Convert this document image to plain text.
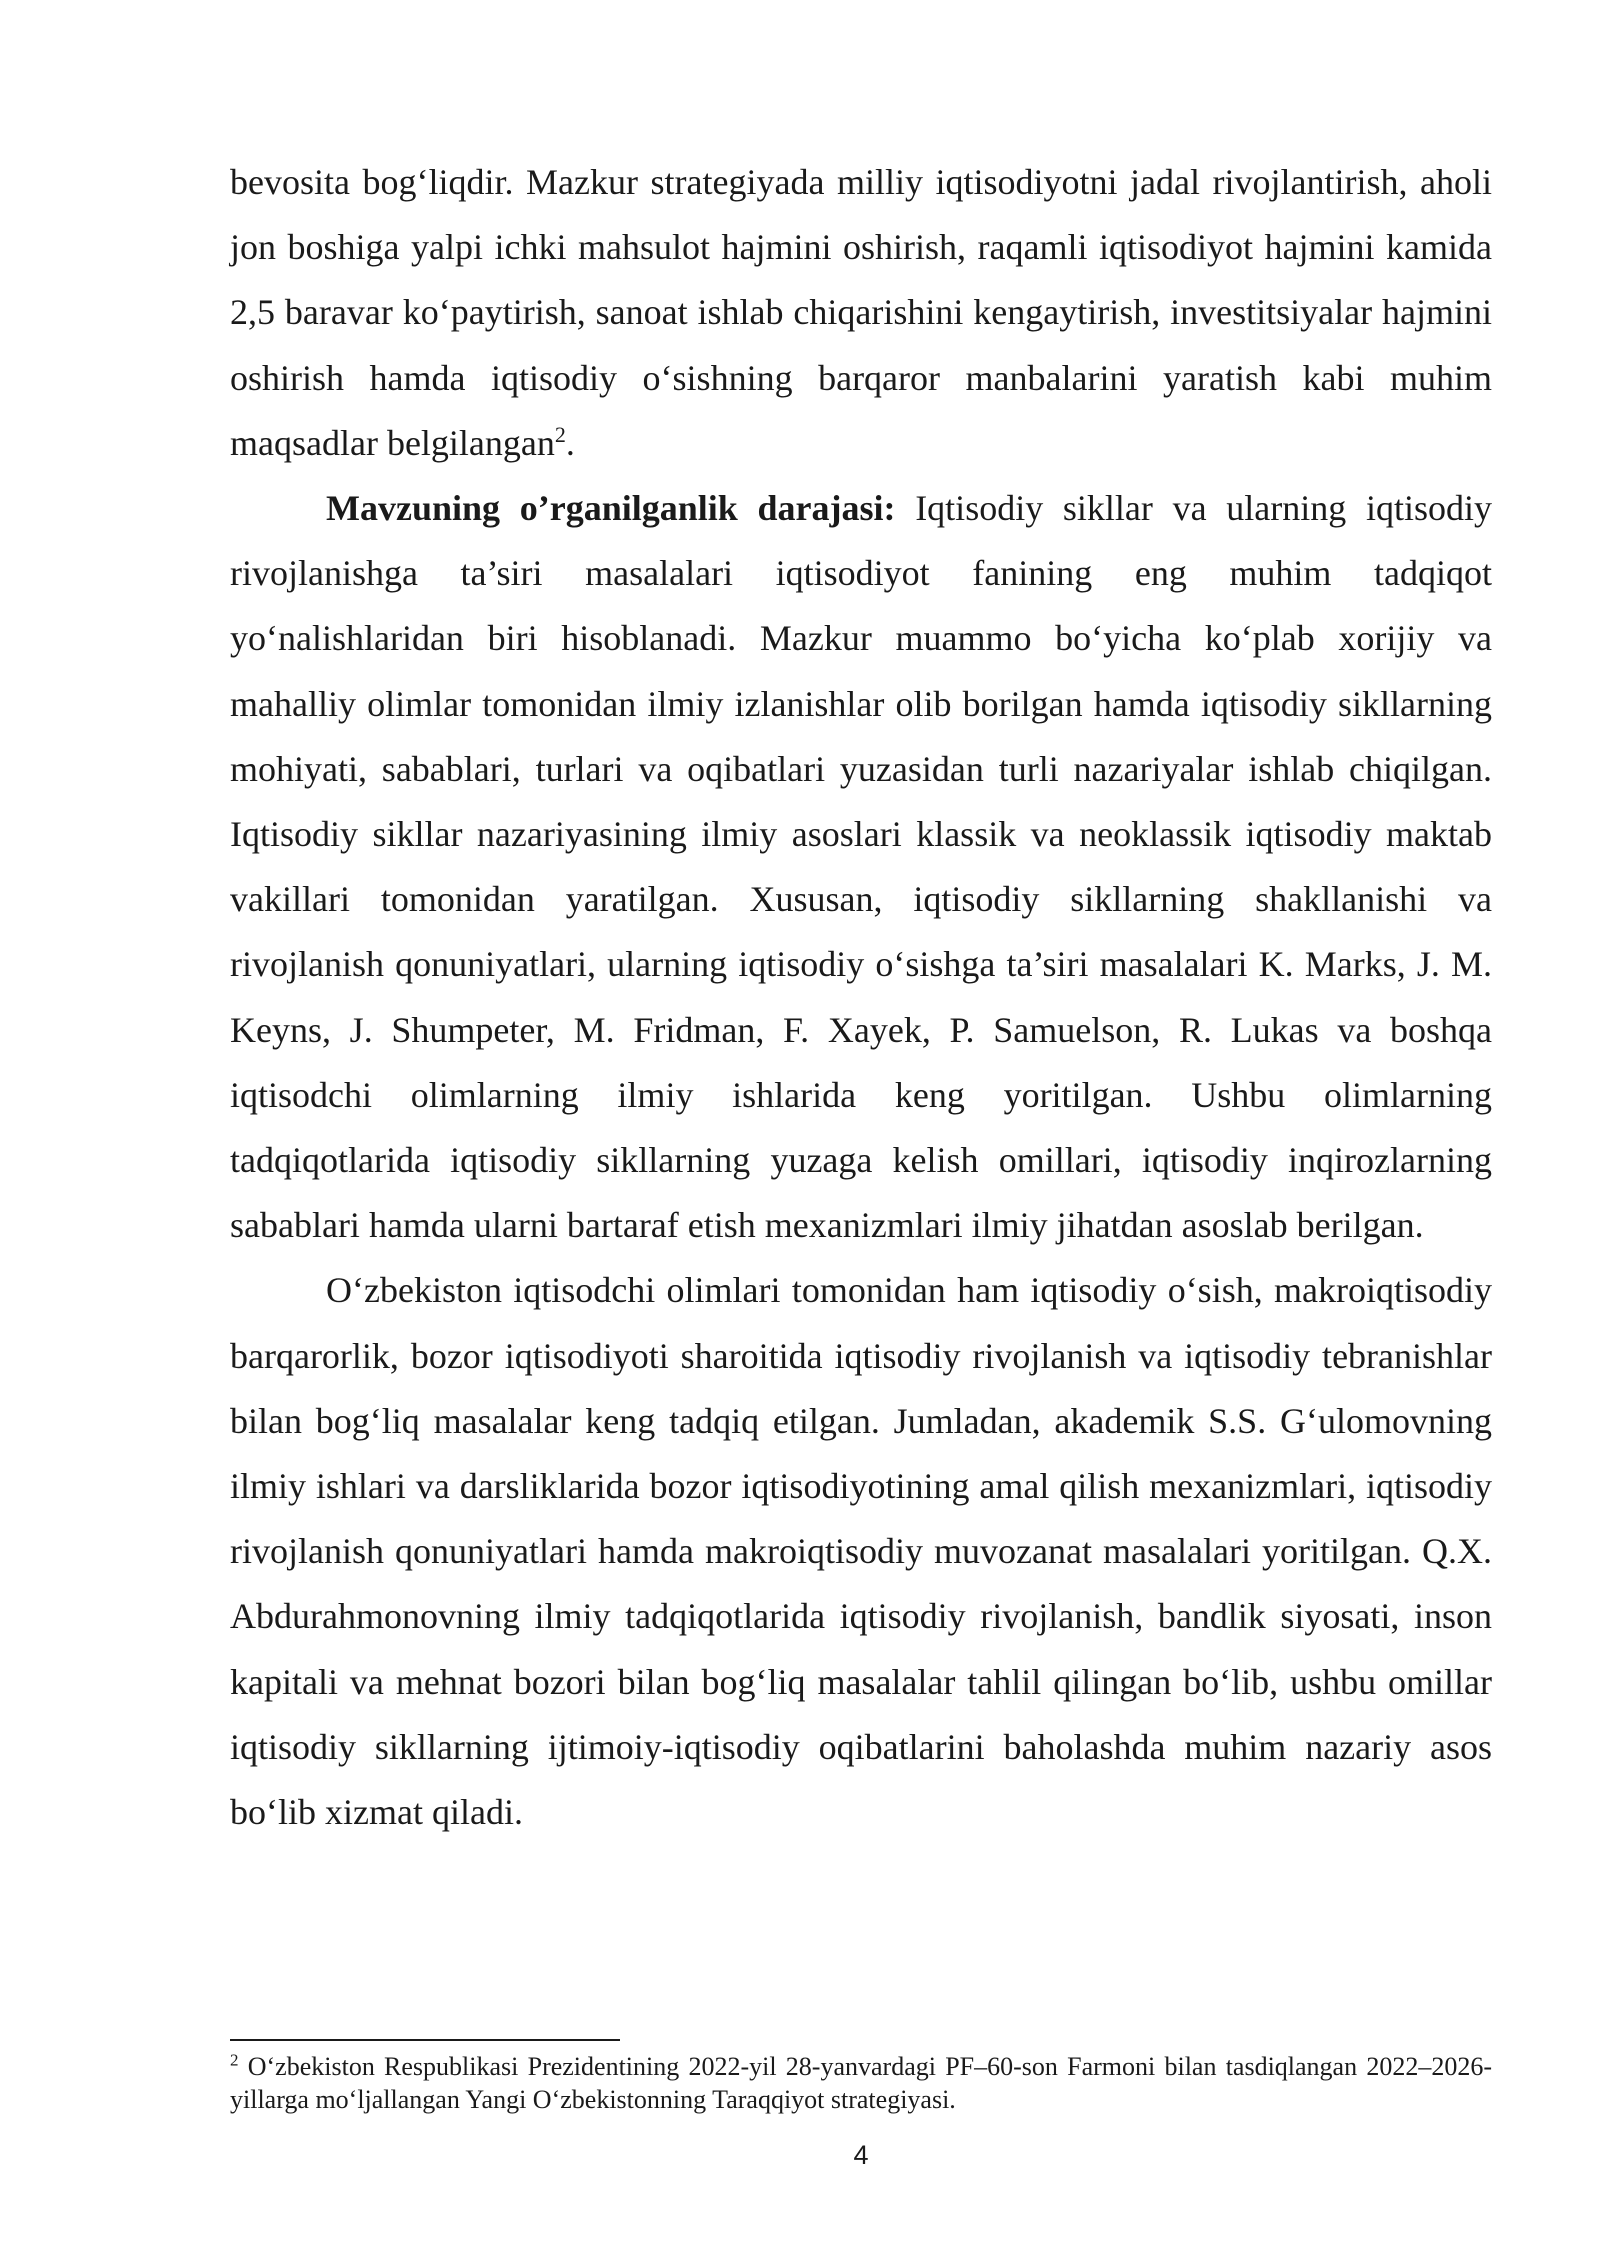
bevosita bog‘liqdir. Mazkur strategiyada milliy iqtisodiyotni jadal rivojlantirish, aholi jon boshiga yalpi ichki mahsulot hajmini oshirish, raqamli iqtisodiyot hajmini kamida 2,5 baravar ko‘paytirish, sanoat ishlab chiqarishini kengaytirish, investitsiyalar hajmini oshirish hamda iqtisodiy o‘sishning barqaror manbalarini yaratish kabi muhim maqsadlar belgilangan$^2$.

Mavzuning o’rganilganlik darajasi: Iqtisodiy sikllar va ularning iqtisodiy rivojlanishga ta’siri masalalari iqtisodiyot fanining eng muhim tadqiqot yo‘nalishlaridan biri hisoblanadi. Mazkur muammo bo‘yicha ko‘plab xorijiy va mahalliy olimlar tomonidan ilmiy izlanishlar olib borilgan hamda iqtisodiy sikllarning mohiyati, sabablari, turlari va oqibatlari yuzasidan turli nazariyalar ishlab chiqilgan. Iqtisodiy sikllar nazariyasining ilmiy asoslari klassik va neoklassik iqtisodiy maktab vakillari tomonidan yaratilgan. Xususan, iqtisodiy sikllarning shakllanishi va rivojlanish qonuniyatlari, ularning iqtisodiy o‘sishga ta’siri masalalari K. Marks, J. M. Keyns, J. Shumpeter, M. Fridman, F. Xayek, P. Samuelson, R. Lukas va boshqa iqtisodchi olimlarning ilmiy ishlarida keng yoritilgan. Ushbu olimlarning tadqiqotlarida iqtisodiy sikllarning yuzaga kelish omillari, iqtisodiy inqirozlarning sabablari hamda ularni bartaraf etish mexanizmlari ilmiy jihatdan asoslab berilgan.

O‘zbekiston iqtisodchi olimlari tomonidan ham iqtisodiy o‘sish, makroiqtisodiy barqarorlik, bozor iqtisodiyoti sharoitida iqtisodiy rivojlanish va iqtisodiy tebranishlar bilan bog‘liq masalalar keng tadqiq etilgan. Jumladan, akademik S.S. G‘ulomovning ilmiy ishlari va darsliklarida bozor iqtisodiyotining amal qilish mexanizmlari, iqtisodiy rivojlanish qonuniyatlari hamda makroiqtisodiy muvozanat masalalari yoritilgan. Q.X. Abdurahmonovning ilmiy tadqiqotlarida iqtisodiy rivojlanish, bandlik siyosati, inson kapitali va mehnat bozori bilan bog‘liq masalalar tahlil qilingan bo‘lib, ushbu omillar iqtisodiy sikllarning ijtimoiy-iqtisodiy oqibatlarini baholashda muhim nazariy asos bo‘lib xizmat qiladi.

$^2$ O‘zbekiston Respublikasi Prezidentining 2022-yil 28-yanvardagi PF–60-son Farmoni bilan tasdiqlangan 2022–2026-yillarga mo‘ljallangan Yangi O‘zbekistonning Taraqqiyot strategiyasi.
4
